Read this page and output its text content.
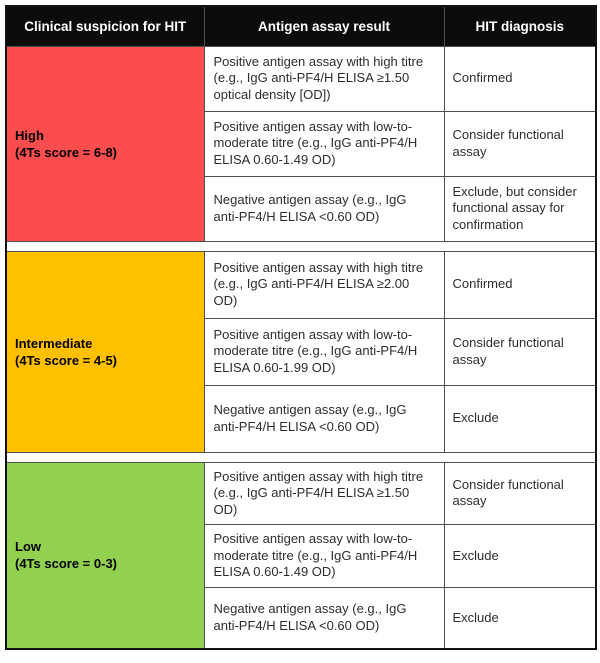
Clinical suspicion for HIT	Antigen assay result	HIT diagnosis

High
(4Ts score = 6-8)	Positive antigen assay with high titre (e.g., IgG anti-PF4/H ELISA ≥1.50 optical density [OD])	Confirmed
	Positive antigen assay with low-to-moderate titre (e.g., IgG anti-PF4/H ELISA 0.60-1.49 OD)	Consider functional assay
	Negative antigen assay (e.g., IgG anti-PF4/H ELISA <0.60 OD)	Exclude, but consider functional assay for confirmation

Intermediate
(4Ts score = 4-5)	Positive antigen assay with high titre (e.g., IgG anti-PF4/H ELISA ≥2.00 OD)	Confirmed
	Positive antigen assay with low-to-moderate titre (e.g., IgG anti-PF4/H ELISA 0.60-1.99 OD)	Consider functional assay
	Negative antigen assay (e.g., IgG anti-PF4/H ELISA <0.60 OD)	Exclude

Low
(4Ts score = 0-3)	Positive antigen assay with high titre (e.g., IgG anti-PF4/H ELISA ≥1.50 OD)	Consider functional assay
	Positive antigen assay with low-to-moderate titre (e.g., IgG anti-PF4/H ELISA 0.60-1.49 OD)	Exclude
	Negative antigen assay (e.g., IgG anti-PF4/H ELISA <0.60 OD)	Exclude
